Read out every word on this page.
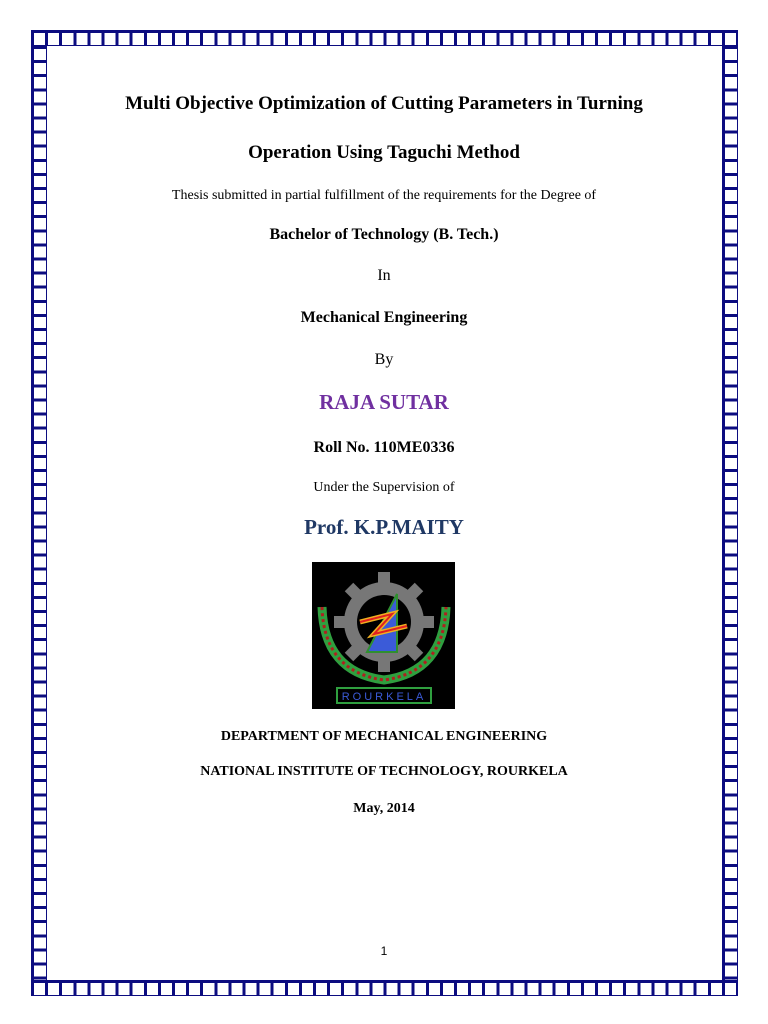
Multi Objective Optimization of Cutting Parameters in Turning
Operation Using Taguchi Method
Thesis submitted in partial fulfillment of the requirements for the Degree of
Bachelor of Technology (B. Tech.)
In
Mechanical Engineering
By
RAJA SUTAR
Roll No. 110ME0336
Under the Supervision of
Prof. K.P.MAITY
ROURKELA
DEPARTMENT OF MECHANICAL ENGINEERING
NATIONAL INSTITUTE OF TECHNOLOGY, ROURKELA
May, 2014
1
